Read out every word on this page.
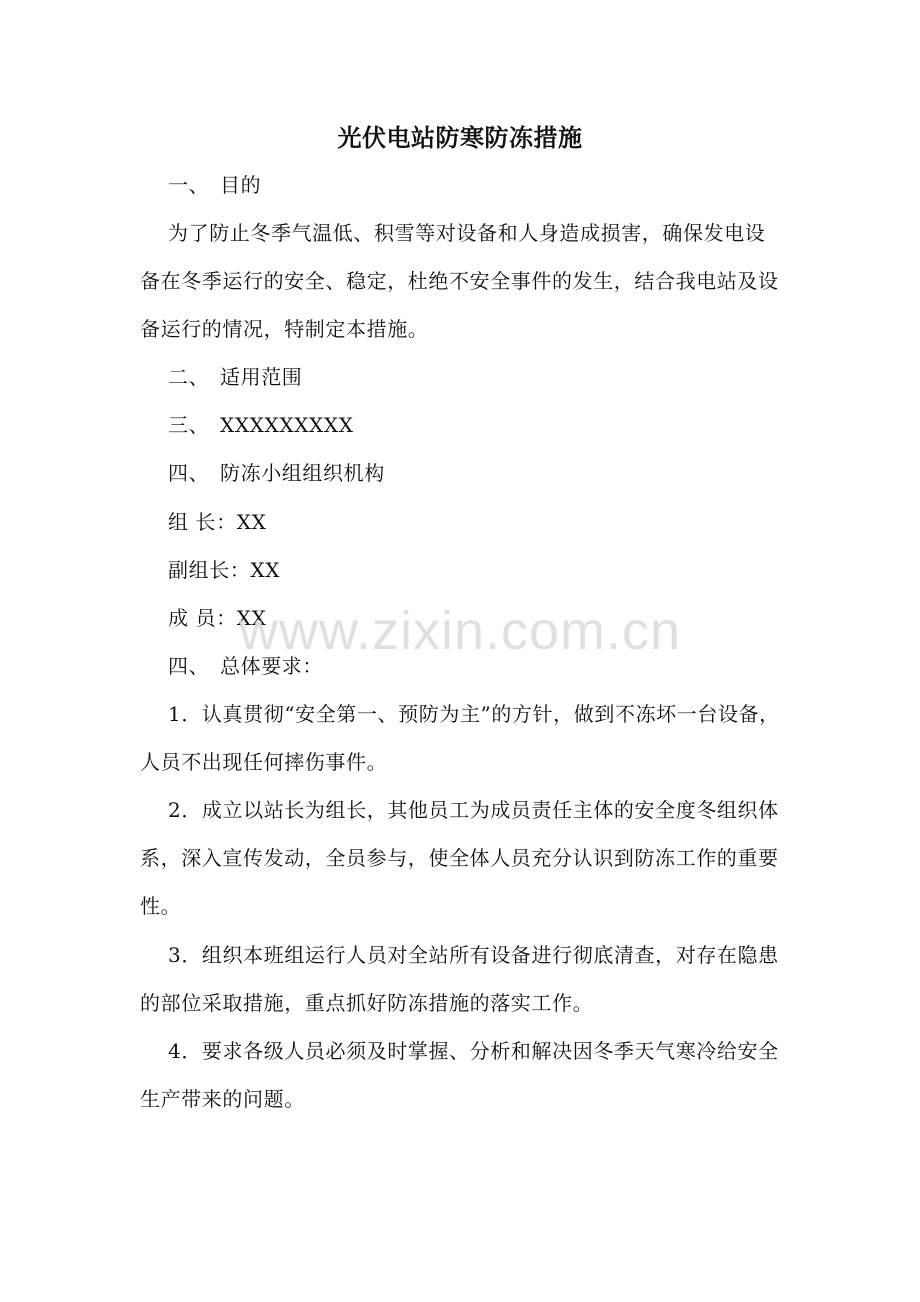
光伏电站防寒防冻措施
一、 目的
为了防止冬季气温低、积雪等对设备和人身造成损害，确保发电设
备在冬季运行的安全、稳定，杜绝不安全事件的发生，结合我电站及设
备运行的情况，特制定本措施。
二、 适用范围
三、 XXXXXXXXX
四、 防冻小组组织机构
组 长：XX
副组长：XX
成 员：XX
四、 总体要求：
1．认真贯彻“安全第一、预防为主”的方针，做到不冻坏一台设备，
人员不出现任何摔伤事件。
2．成立以站长为组长，其他员工为成员责任主体的安全度冬组织体
系，深入宣传发动，全员参与，使全体人员充分认识到防冻工作的重要
性。
3．组织本班组运行人员对全站所有设备进行彻底清查，对存在隐患
的部位采取措施，重点抓好防冻措施的落实工作。
4．要求各级人员必须及时掌握、分析和解决因冬季天气寒冷给安全
生产带来的问题。
www.zixin.com.cn
